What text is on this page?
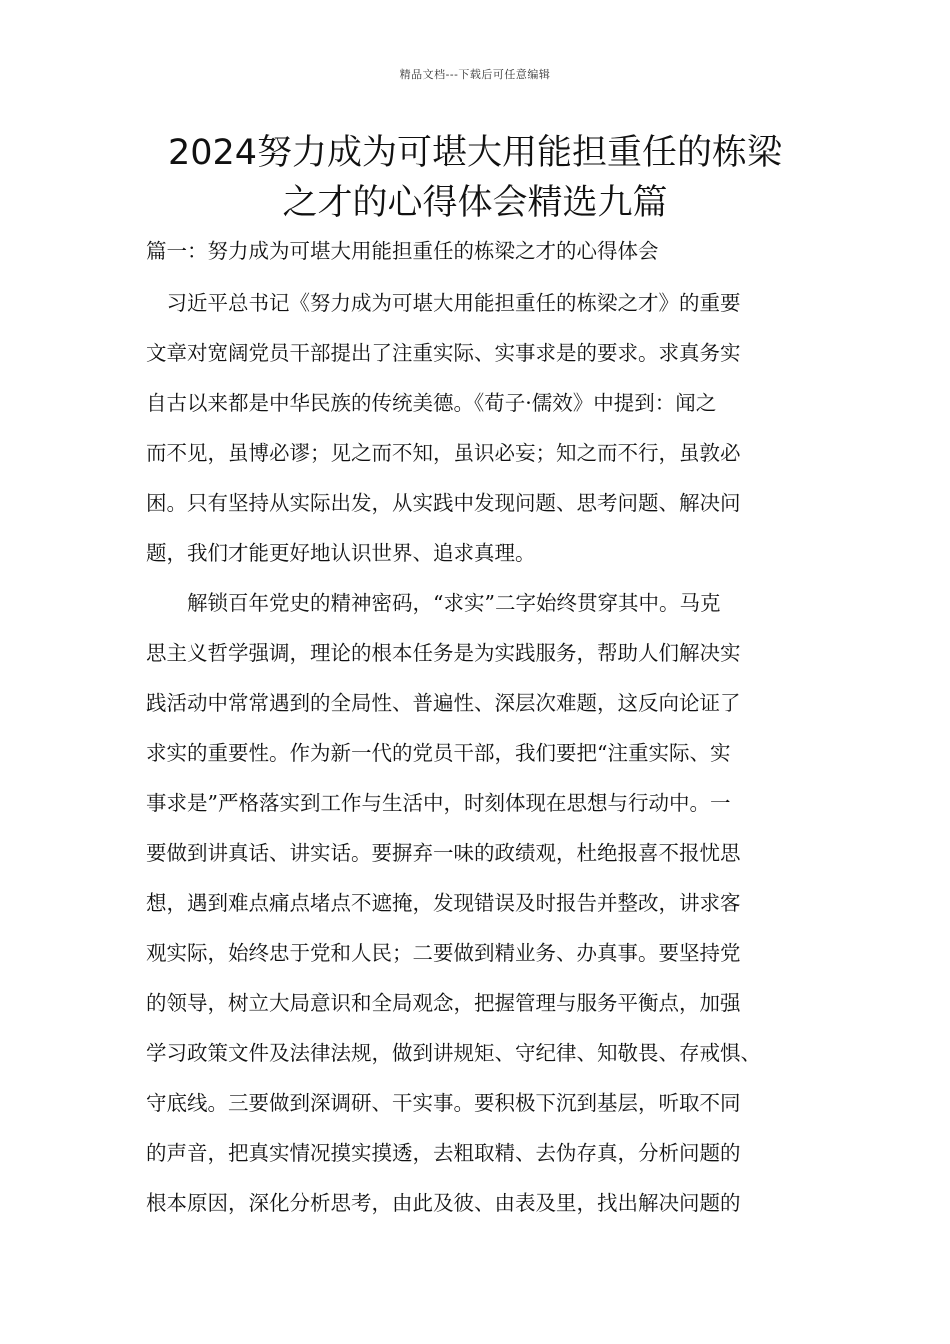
精品文档---下载后可任意编辑
2024努力成为可堪大用能担重任的栋梁
之才的心得体会精选九篇
篇一：努力成为可堪大用能担重任的栋梁之才的心得体会
　习近平总书记《努力成为可堪大用能担重任的栋梁之才》的重要
文章对宽阔党员干部提出了注重实际、实事求是的要求。求真务实
自古以来都是中华民族的传统美德。《荀子·儒效》中提到：闻之
而不见，虽博必谬；见之而不知，虽识必妄；知之而不行，虽敦必
困。只有坚持从实际出发，从实践中发现问题、思考问题、解决问
题，我们才能更好地认识世界、追求真理。
　　解锁百年党史的精神密码，“求实”二字始终贯穿其中。马克
思主义哲学强调，理论的根本任务是为实践服务，帮助人们解决实
践活动中常常遇到的全局性、普遍性、深层次难题，这反向论证了
求实的重要性。作为新一代的党员干部，我们要把“注重实际、实
事求是”严格落实到工作与生活中，时刻体现在思想与行动中。一
要做到讲真话、讲实话。要摒弃一味的政绩观，杜绝报喜不报忧思
想，遇到难点痛点堵点不遮掩，发现错误及时报告并整改，讲求客
观实际，始终忠于党和人民；二要做到精业务、办真事。要坚持党
的领导，树立大局意识和全局观念，把握管理与服务平衡点，加强
学习政策文件及法律法规，做到讲规矩、守纪律、知敬畏、存戒惧、
守底线。三要做到深调研、干实事。要积极下沉到基层，听取不同
的声音，把真实情况摸实摸透，去粗取精、去伪存真，分析问题的
根本原因，深化分析思考，由此及彼、由表及里，找出解决问题的
